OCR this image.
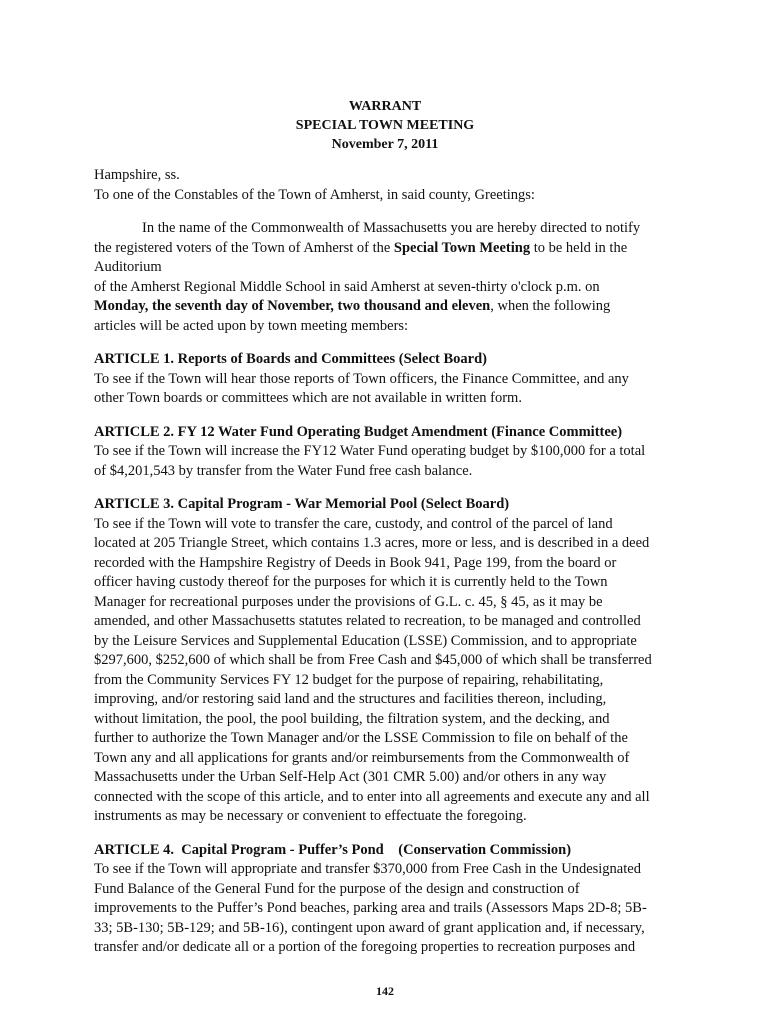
WARRANT
SPECIAL TOWN MEETING
November 7, 2011
Hampshire, ss.
To one of the Constables of the Town of Amherst, in said county, Greetings:
In the name of the Commonwealth of Massachusetts you are hereby directed to notify
the registered voters of the Town of Amherst of the Special Town Meeting to be held in the
Auditorium
of the Amherst Regional Middle School in said Amherst at seven-thirty o'clock p.m. on
Monday, the seventh day of November, two thousand and eleven, when the following
articles will be acted upon by town meeting members:
ARTICLE 1. Reports of Boards and Committees (Select Board)
To see if the Town will hear those reports of Town officers, the Finance Committee, and any
other Town boards or committees which are not available in written form.
ARTICLE 2. FY 12 Water Fund Operating Budget Amendment (Finance Committee)
To see if the Town will increase the FY12 Water Fund operating budget by $100,000 for a total
of $4,201,543 by transfer from the Water Fund free cash balance.
ARTICLE 3. Capital Program - War Memorial Pool (Select Board)
To see if the Town will vote to transfer the care, custody, and control of the parcel of land
located at 205 Triangle Street, which contains 1.3 acres, more or less, and is described in a deed
recorded with the Hampshire Registry of Deeds in Book 941, Page 199, from the board or
officer having custody thereof for the purposes for which it is currently held to the Town
Manager for recreational purposes under the provisions of G.L. c. 45, § 45, as it may be
amended, and other Massachusetts statutes related to recreation, to be managed and controlled
by the Leisure Services and Supplemental Education (LSSE) Commission, and to appropriate
$297,600, $252,600 of which shall be from Free Cash and $45,000 of which shall be transferred
from the Community Services FY 12 budget for the purpose of repairing, rehabilitating,
improving, and/or restoring said land and the structures and facilities thereon, including,
without limitation, the pool, the pool building, the filtration system, and the decking, and
further to authorize the Town Manager and/or the LSSE Commission to file on behalf of the
Town any and all applications for grants and/or reimbursements from the Commonwealth of
Massachusetts under the Urban Self-Help Act (301 CMR 5.00) and/or others in any way
connected with the scope of this article, and to enter into all agreements and execute any and all
instruments as may be necessary or convenient to effectuate the foregoing.
ARTICLE 4.  Capital Program - Puffer’s Pond    (Conservation Commission)
To see if the Town will appropriate and transfer $370,000 from Free Cash in the Undesignated
Fund Balance of the General Fund for the purpose of the design and construction of
improvements to the Puffer’s Pond beaches, parking area and trails (Assessors Maps 2D-8; 5B-
33; 5B-130; 5B-129; and 5B-16), contingent upon award of grant application and, if necessary,
transfer and/or dedicate all or a portion of the foregoing properties to recreation purposes and
142
